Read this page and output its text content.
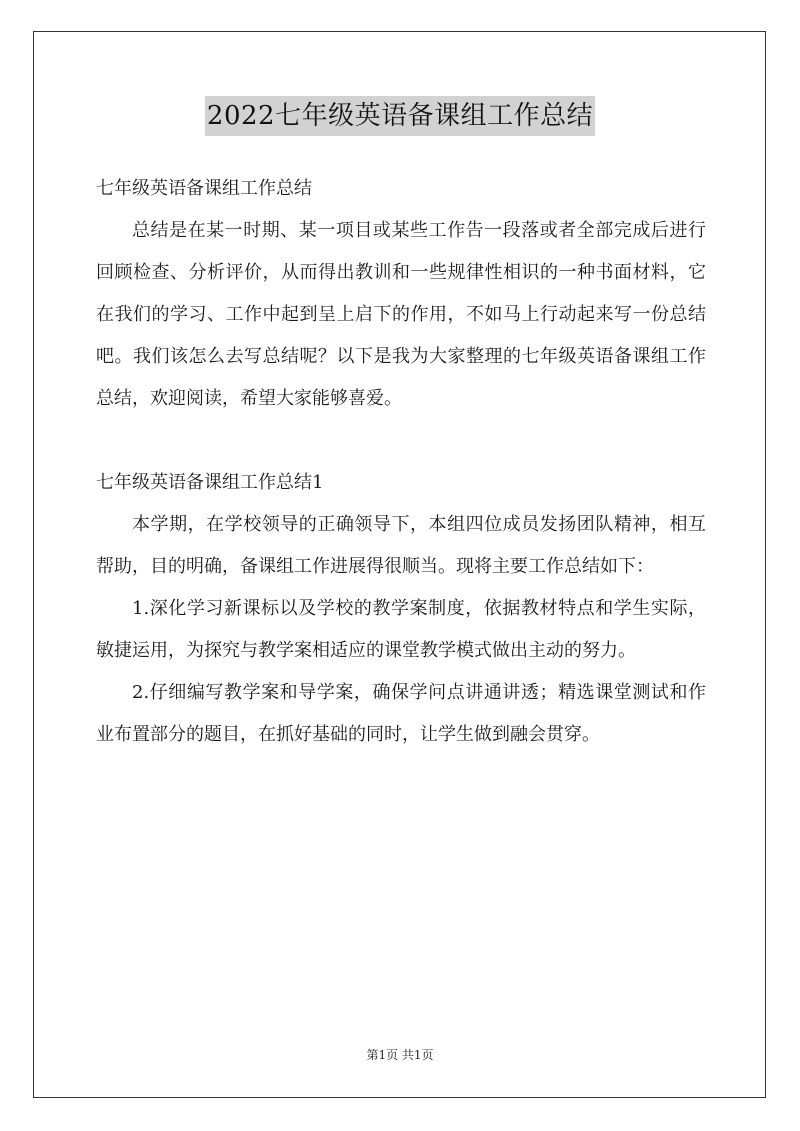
2022七年级英语备课组工作总结

七年级英语备课组工作总结

总结是在某一时期、某一项目或某些工作告一段落或者全部完成后进行回顾检查、分析评价，从而得出教训和一些规律性相识的一种书面材料，它在我们的学习、工作中起到呈上启下的作用，不如马上行动起来写一份总结吧。我们该怎么去写总结呢？以下是我为大家整理的七年级英语备课组工作总结，欢迎阅读，希望大家能够喜爱。

七年级英语备课组工作总结1

本学期，在学校领导的正确领导下，本组四位成员发扬团队精神，相互帮助，目的明确，备课组工作进展得很顺当。现将主要工作总结如下：

1.深化学习新课标以及学校的教学案制度，依据教材特点和学生实际，敏捷运用，为探究与教学案相适应的课堂教学模式做出主动的努力。

2.仔细编写教学案和导学案，确保学问点讲通讲透；精选课堂测试和作业布置部分的题目，在抓好基础的同时，让学生做到融会贯穿。

第1页 共1页
